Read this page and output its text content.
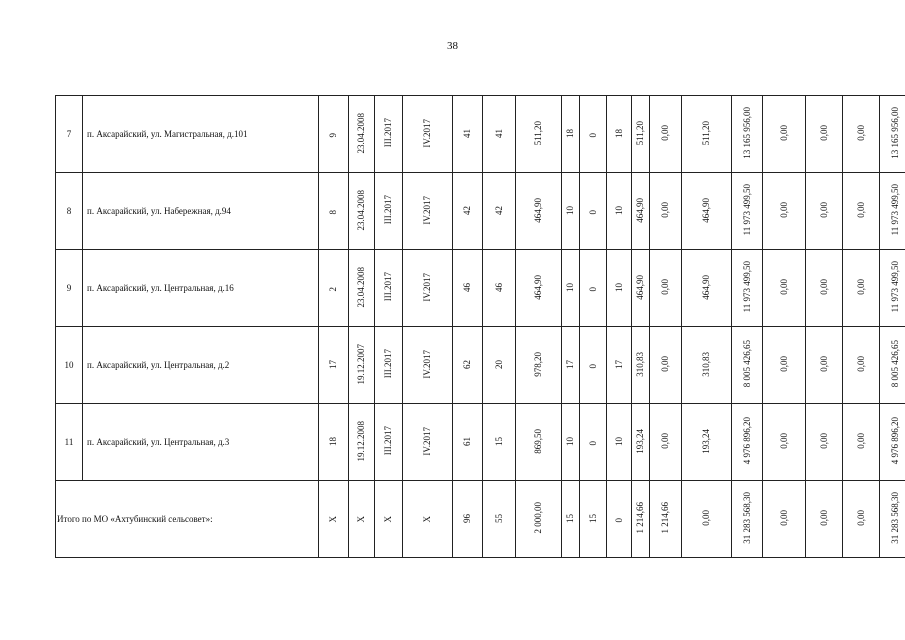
38
7	п. Аксарайский, ул. Магистральная, д.101	9	23.04.2008	III.2017	IV.2017	41	41	511,20	18	0	18	511,20	0,00	511,20	13 165 956,00	0,00	0,00	0,00	13 165 956,00
8	п. Аксарайский, ул. Набережная, д.94	8	23.04.2008	III.2017	IV.2017	42	42	464,90	10	0	10	464,90	0,00	464,90	11 973 499,50	0,00	0,00	0,00	11 973 499,50
9	п. Аксарайский, ул. Центральная, д.16	2	23.04.2008	III.2017	IV.2017	46	46	464,90	10	0	10	464,90	0,00	464,90	11 973 499,50	0,00	0,00	0,00	11 973 499,50
10	п. Аксарайский, ул. Центральная, д.2	17	19.12.2007	III.2017	IV.2017	62	20	978,20	17	0	17	310,83	0,00	310,83	8 005 426,65	0,00	0,00	0,00	8 005 426,65
11	п. Аксарайский, ул. Центральная, д.3	18	19.12.2008	III.2017	IV.2017	61	15	869,50	10	0	10	193,24	0,00	193,24	4 976 896,20	0,00	0,00	0,00	4 976 896,20
Итого по МО «Ахтубинский сельсовет»:		Х	Х	Х	Х	96	55	2 000,00	15	15	0	1 214,66	1 214,66	0,00	31 283 568,30	0,00	0,00	0,00	31 283 568,30
